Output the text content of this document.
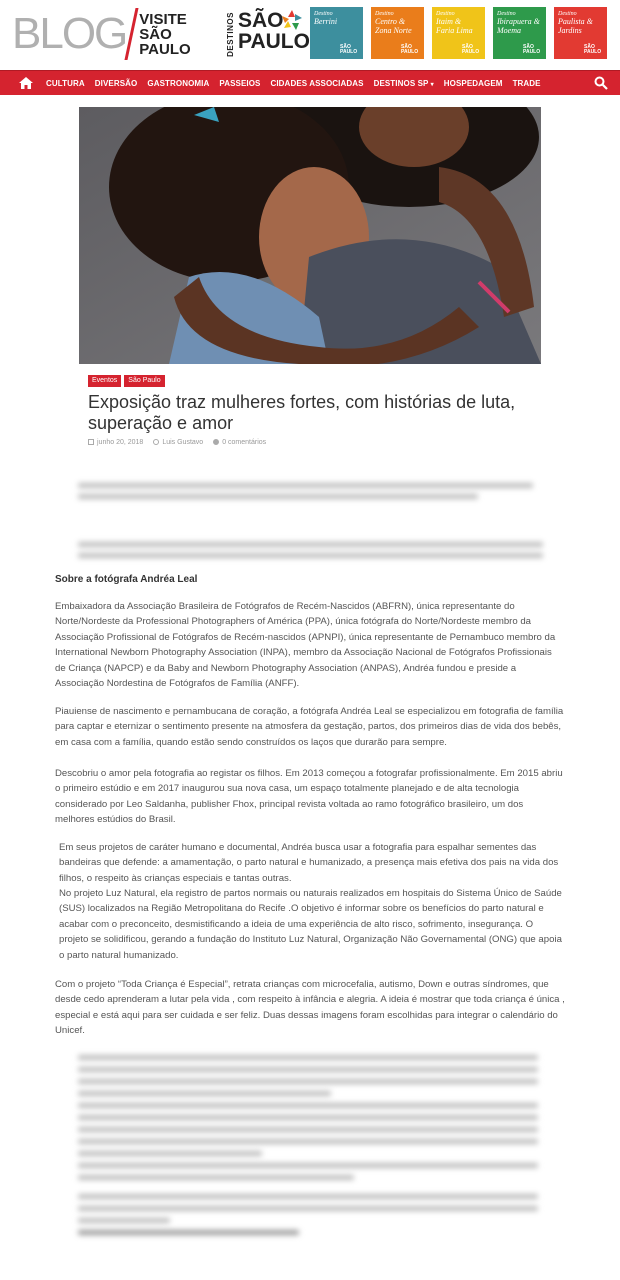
BLOG VISITE
SÃO
PAULO	DESTINOS SÃO
PAULO
Destino
Berrini
SÃO PAULO
Destino
Centro & Zona Norte
SÃO PAULO
Destino
Itaim & Faria Lima
SÃO PAULO
Destino
Ibirapuera & Moema
SÃO PAULO
Destino
Paulista & Jardins
SÃO PAULO
CULTURA DIVERSÃO GASTRONOMIA PASSEIOS CIDADES ASSOCIADAS DESTINOS SP ▾ HOSPEDAGEM TRADE
Eventos	São Paulo
Exposição traz mulheres fortes, com histórias de luta, superação e amor
junho 20, 2018	Luis Gustavo	0 comentários
Sobre a fotógrafa Andréa Leal

Embaixadora da Associação Brasileira de Fotógrafos de Recém-Nascidos (ABFRN), única representante do Norte/Nordeste da Professional Photographers of América (PPA), única fotógrafa do Norte/Nordeste membro da Associação Profissional de Fotógrafos de Recém-nascidos (APNPI), única representante de Pernambuco membro da International Newborn Photography Association (INPA), membro da Associação Nacional de Fotógrafos Profissionais de Criança (NAPCP) e da Baby and Newborn Photography Association (ANPAS), Andréa fundou e preside a Associação Nordestina de Fotógrafos de Família (ANFF).

Piauiense de nascimento e pernambucana de coração, a fotógrafa Andréa Leal se especializou em fotografia de família para captar e eternizar o sentimento presente na atmosfera da gestação, partos, dos primeiros dias de vida dos bebês, em casa com a família, quando estão sendo construídos os laços que durarão para sempre.

Descobriu o amor pela fotografia ao registar os filhos. Em 2013 começou a fotografar profissionalmente. Em 2015 abriu o primeiro estúdio e em 2017 inaugurou sua nova casa, um espaço totalmente planejado e de alta tecnologia considerado por Leo Saldanha, publisher Fhox, principal revista voltada ao ramo fotográfico brasileiro, um dos melhores estúdios do Brasil.

Em seus projetos de caráter humano e documental, Andréa busca usar a fotografia para espalhar sementes das bandeiras que defende: a amamentação, o parto natural e humanizado, a presença mais efetiva dos pais na vida dos filhos, o respeito às crianças especiais e tantas outras.

No projeto Luz Natural, ela registro de partos normais ou naturais realizados em hospitais do Sistema Único de Saúde (SUS) localizados na Região Metropolitana do Recife .O objetivo é informar sobre os benefícios do parto natural e acabar com o preconceito, desmistificando a ideia de uma experiência de alto risco, sofrimento, insegurança. O projeto se solidificou, gerando a fundação do Instituto Luz Natural, Organização Não Governamental (ONG) que apoia o parto natural humanizado.

Com o projeto “Toda Criança é Especial”, retrata crianças com microcefalia, autismo, Down e outras síndromes, que desde cedo aprenderam a lutar pela vida , com respeito à infância e alegria. A ideia é mostrar que toda criança é única , especial e está aqui para ser cuidada e ser feliz. Duas dessas imagens foram escolhidas para integrar o calendário do Unicef.
